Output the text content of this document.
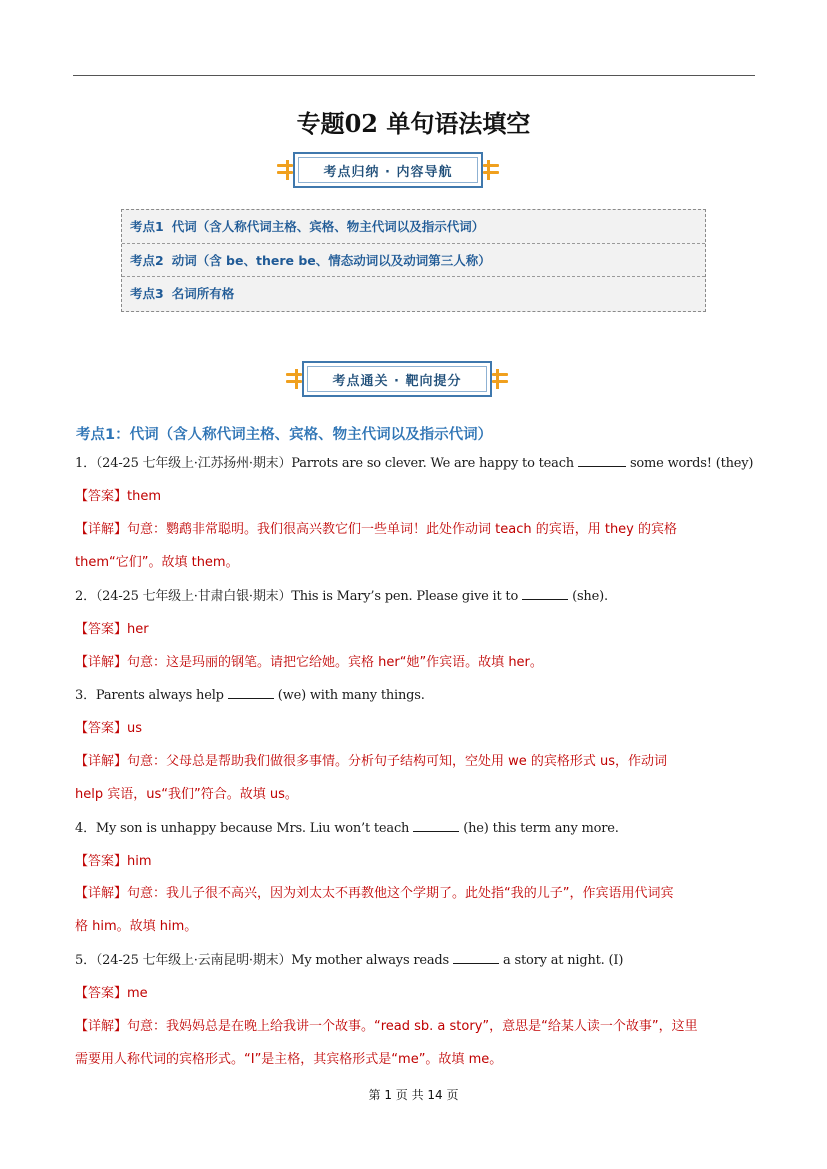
专题02 单句语法填空
考点归纳 · 内容导航
考点1 代词（含人称代词主格、宾格、物主代词以及指示代词）
考点2 动词（含 be、there be、情态动词以及动词第三人称）
考点3 名词所有格
考点通关 · 靶向提分
考点1：代词（含人称代词主格、宾格、物主代词以及指示代词）
1．（24-25 七年级上·江苏扬州·期末）Parrots are so clever. We are happy to teach	some words! (they)
【答案】them
【详解】句意：鹦鹉非常聪明。我们很高兴教它们一些单词！此处作动词 teach 的宾语，用 they 的宾格
them“它们”。故填 them。
2．（24-25 七年级上·甘肃白银·期末）This is Mary’s pen. Please give it to	(she).
【答案】her
【详解】句意：这是玛丽的钢笔。请把它给她。宾格 her“她”作宾语。故填 her。
3．Parents always help	(we) with many things.
【答案】us
【详解】句意：父母总是帮助我们做很多事情。分析句子结构可知，空处用 we 的宾格形式 us，作动词
help 宾语，us“我们”符合。故填 us。
4．My son is unhappy because Mrs. Liu won’t teach	(he) this term any more.
【答案】him
【详解】句意：我儿子很不高兴，因为刘太太不再教他这个学期了。此处指“我的儿子”，作宾语用代词宾
格 him。故填 him。
5．（24-25 七年级上·云南昆明·期末）My mother always reads	a story at night. (I)
【答案】me
【详解】句意：我妈妈总是在晚上给我讲一个故事。“read sb. a story”，意思是“给某人读一个故事”，这里
需要用人称代词的宾格形式。“I”是主格，其宾格形式是“me”。故填 me。
第 1 页 共 14 页
